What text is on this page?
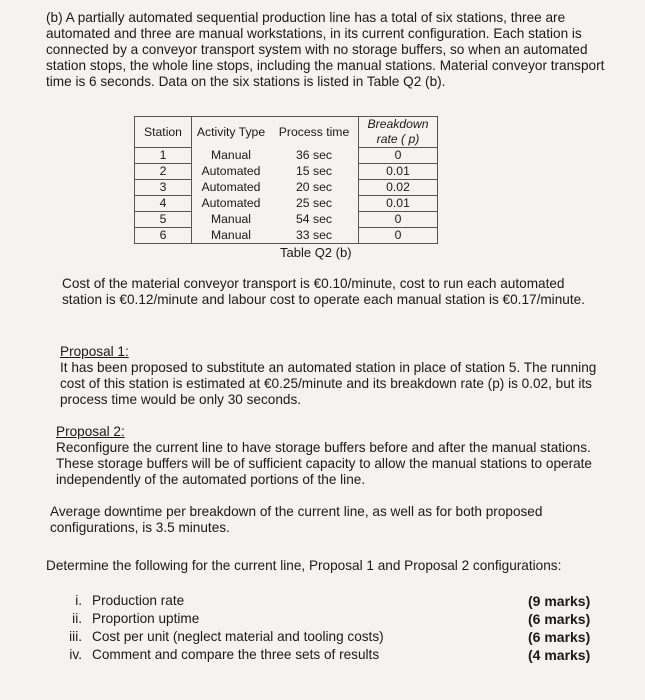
(b) A partially automated sequential production line has a total of six stations, three are automated and three are manual workstations, in its current configuration. Each station is connected by a conveyor transport system with no storage buffers, so when an automated station stops, the whole line stops, including the manual stations. Material conveyor transport time is 6 seconds. Data on the six stations is listed in Table Q2 (b).

Station	Activity Type	Process time	Breakdown rate ( p)
1	Manual	36 sec	0
2	Automated	15 sec	0.01
3	Automated	20 sec	0.02
4	Automated	25 sec	0.01
5	Manual	54 sec	0
6	Manual	33 sec	0
Table Q2 (b)

Cost of the material conveyor transport is €0.10/minute, cost to run each automated station is €0.12/minute and labour cost to operate each manual station is €0.17/minute.

Proposal 1:

It has been proposed to substitute an automated station in place of station 5. The running cost of this station is estimated at €0.25/minute and its breakdown rate (p) is 0.02, but its process time would be only 30 seconds.

Proposal 2:

Reconfigure the current line to have storage buffers before and after the manual stations. These storage buffers will be of sufficient capacity to allow the manual stations to operate independently of the automated portions of the line.

Average downtime per breakdown of the current line, as well as for both proposed configurations, is 3.5 minutes.

Determine the following for the current line, Proposal 1 and Proposal 2 configurations:

i. Production rate	(9 marks)
ii. Proportion uptime	(6 marks)
iii. Cost per unit (neglect material and tooling costs)	(6 marks)
iv. Comment and compare the three sets of results	(4 marks)
